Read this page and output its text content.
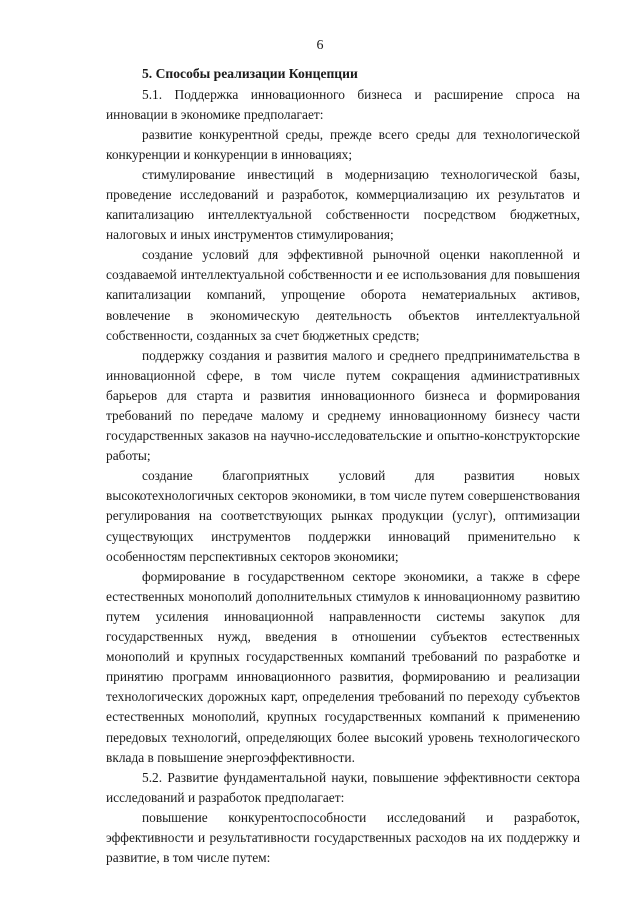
6
5. Способы реализации Концепции

5.1. Поддержка инновационного бизнеса и расширение спроса на инновации в экономике предполагает:

развитие конкурентной среды, прежде всего среды для технологической конкуренции и конкуренции в инновациях;

стимулирование инвестиций в модернизацию технологической базы, проведение исследований и разработок, коммерциализацию их результатов и капитализацию интеллектуальной собственности посредством бюджетных, налоговых и иных инструментов стимулирования;

создание условий для эффективной рыночной оценки накопленной и создаваемой интеллектуальной собственности и ее использования для повышения капитализации компаний, упрощение оборота нематериальных активов, вовлечение в экономическую деятельность объектов интеллектуальной собственности, созданных за счет бюджетных средств;

поддержку создания и развития малого и среднего предпринимательства в инновационной сфере, в том числе путем сокращения административных барьеров для старта и развития инновационного бизнеса и формирования требований по передаче малому и среднему инновационному бизнесу части государственных заказов на научно-исследовательские и опытно-конструкторские работы;

создание благоприятных условий для развития новых высокотехнологичных секторов экономики, в том числе путем совершенствования регулирования на соответствующих рынках продукции (услуг), оптимизации существующих инструментов поддержки инноваций применительно к особенностям перспективных секторов экономики;

формирование в государственном секторе экономики, а также в сфере естественных монополий дополнительных стимулов к инновационному развитию путем усиления инновационной направленности системы закупок для государственных нужд, введения в отношении субъектов естественных монополий и крупных государственных компаний требований по разработке и принятию программ инновационного развития, формированию и реализации технологических дорожных карт, определения требований по переходу субъектов естественных монополий, крупных государственных компаний к применению передовых технологий, определяющих более высокий уровень технологического вклада в повышение энергоэффективности.

5.2. Развитие фундаментальной науки, повышение эффективности сектора исследований и разработок предполагает:

повышение конкурентоспособности исследований и разработок, эффективности и результативности государственных расходов на их поддержку и развитие, в том числе путем:
